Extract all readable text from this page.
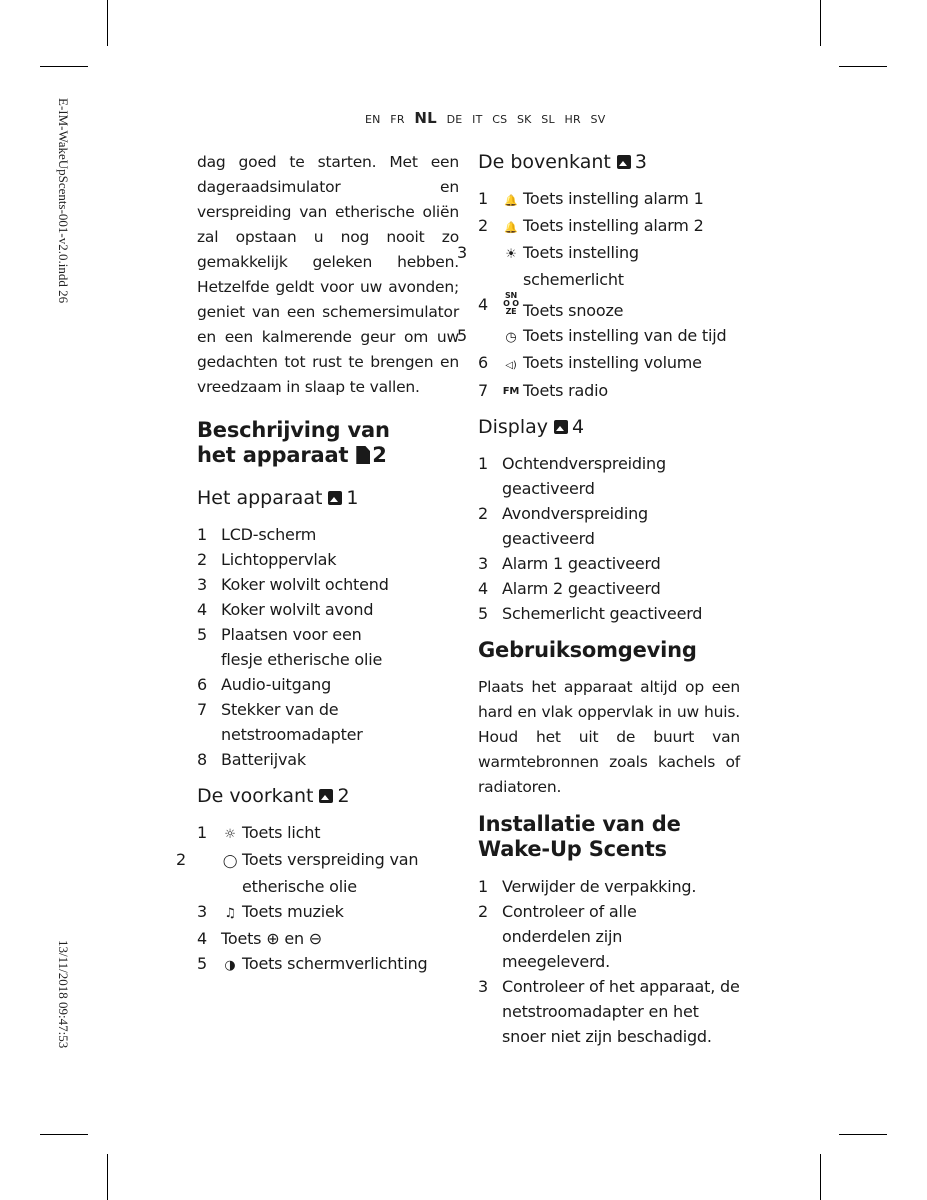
E-IM-WakeUpScents-001-v2.0.indd 26
13/11/2018 09:47:53
EN FR NL DE IT CS SK SL HR SV

dag goed te starten. Met een dageraadsimulator en verspreiding van etherische oliën zal opstaan u nog nooit zo gemakkelijk geleken hebben. Hetzelfde geldt voor uw avonden; geniet van een schemersimulator en een kalmerende geur om uw gedachten tot rust te brengen en vreedzaam in slaap te vallen.

Beschrijving van
het apparaat 2
Het apparaat 1
1 LCD-scherm
2 Lichtoppervlak
3 Koker wolvilt ochtend
4 Koker wolvilt avond
5 Plaatsen voor een flesje etherische olie
6 Audio-uitgang
7 Stekker van de netstroomadapter
8 Batterijvak
De voorkant 2
1 ☼ Toets licht
2	◯ Toets verspreiding van etherische olie
3 ♫ Toets muziek
4 Toets ⊕ en ⊖
5 ◑ Toets schermverlichting
De bovenkant 3
1 🔔 Toets instelling alarm 1
2 🔔 Toets instelling alarm 2
3	☀ Toets instelling schemerlicht
4 SNO OZE Toets snooze
5	◷ Toets instelling van de tijd
6 ◁) Toets instelling volume
7 FM Toets radio
Display 4
1 Ochtendverspreiding geactiveerd
2 Avondverspreiding geactiveerd
3 Alarm 1 geactiveerd
4 Alarm 2 geactiveerd
5 Schemerlicht geactiveerd
Gebruiksomgeving

Plaats het apparaat altijd op een hard en vlak oppervlak in uw huis. Houd het uit de buurt van warmtebronnen zoals kachels of radiatoren.

Installatie van de
Wake-Up Scents
1 Verwijder de verpakking.
2 Controleer of alle onderdelen zijn meegeleverd.
3 Controleer of het apparaat, de netstroomadapter en het snoer niet zijn beschadigd.
